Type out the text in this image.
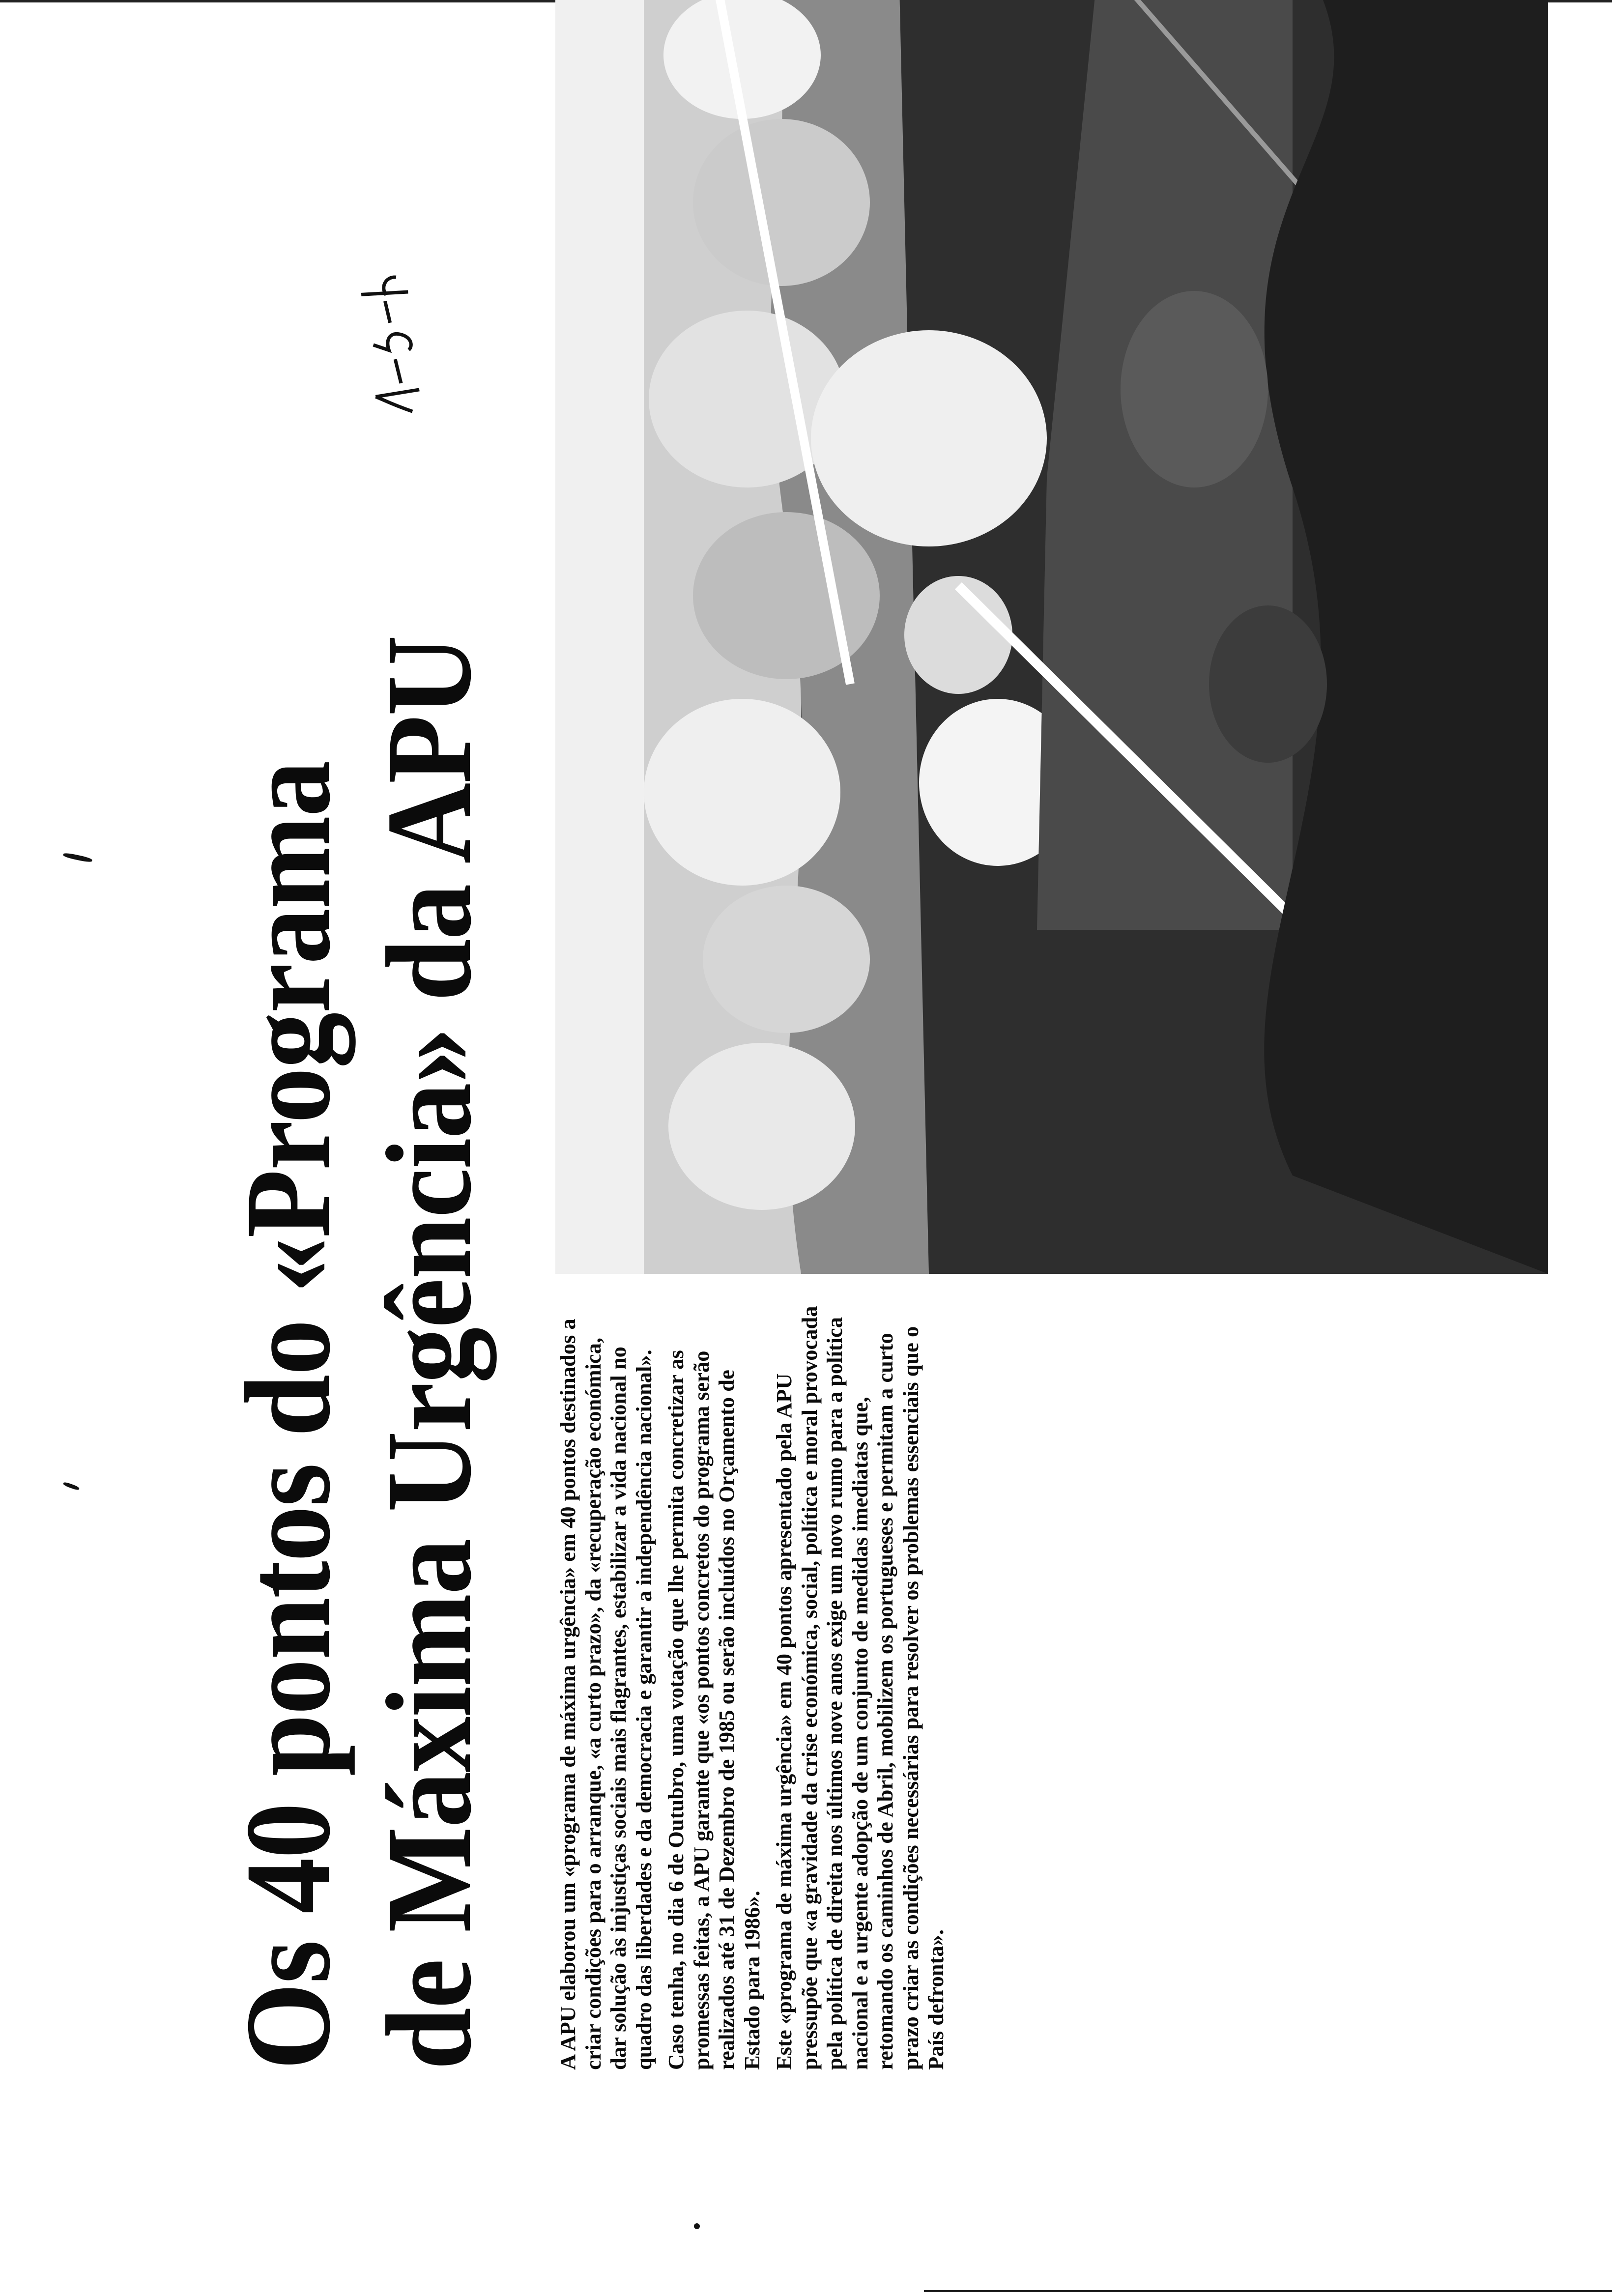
Os 40 pontos do «Programa de Máxima Urgência» da APU	A APU elaborou um «programa de máxima urgência» em 40 pontos destinados a criar condições para o arranque, «a curto prazo», da «recuperação económica, dar solução às injustiças sociais mais flagrantes, estabilizar a vida nacional no quadro das liberdades e da democracia e garantir a independência nacional». Caso tenha, no dia 6 de Outubro, uma votação que lhe permita concretizar as promessas feitas, a APU garante que «os pontos concretos do programa serão realizados até 31 de Dezembro de 1985 ou serão incluídos no Orçamento de Estado para 1986». Este «programa de máxima urgência» em 40 pontos apresentado pela APU pressupõe que «a gravidade da crise económica, social, política e moral provocada pela política de direita nos últimos nove anos exige um novo rumo para a política nacional e a urgente adopção de um conjunto de medidas imediatas que, retomando os caminhos de Abril, mobilizem os portugueses e permitam a curto prazo criar as condições necessárias para resolver os problemas essenciais que o País defronta».
